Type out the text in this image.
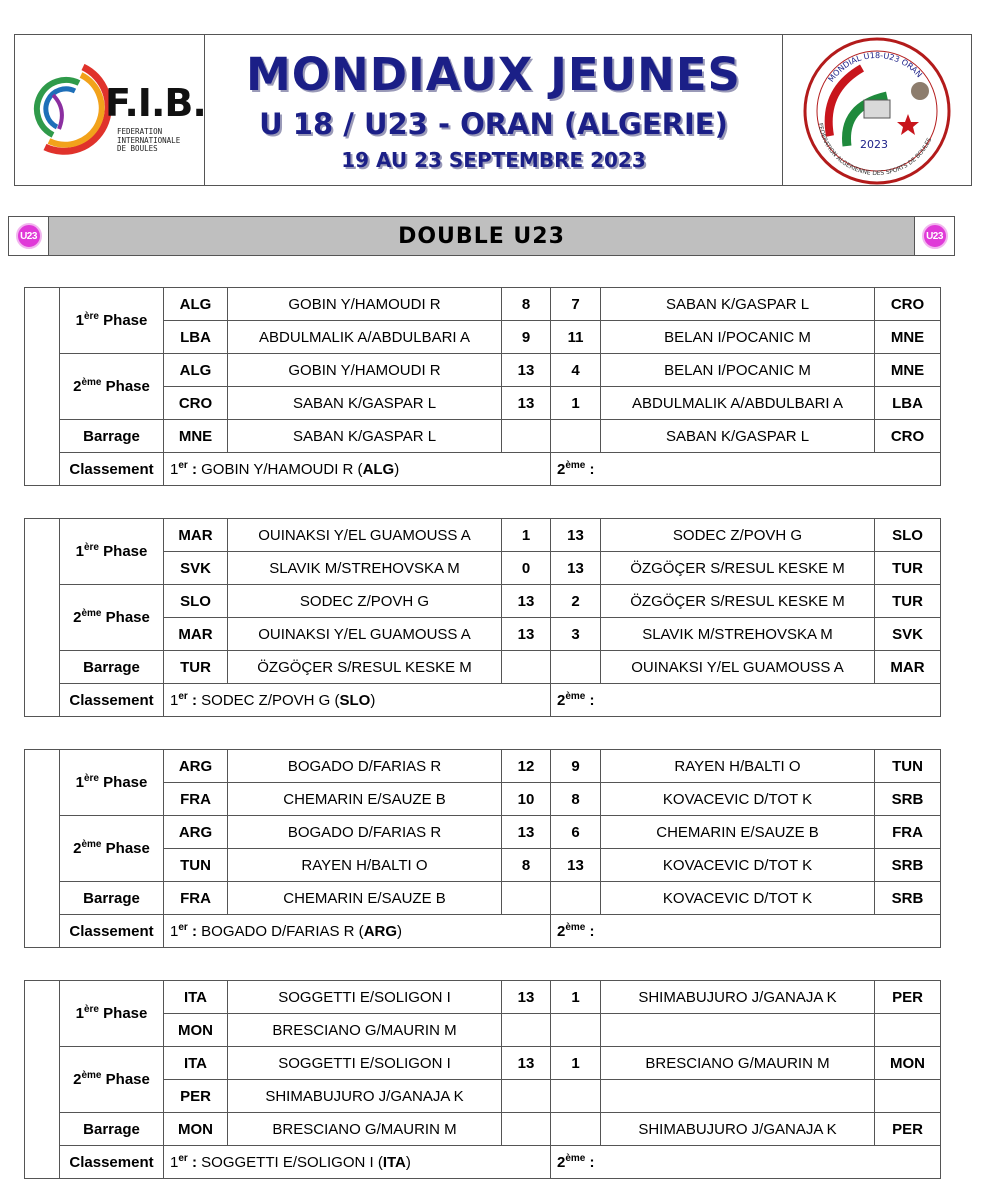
F.I.B.
FEDERATION
INTERNATIONALE
DE BOULES
MONDIAUX JEUNES
U 18 / U23 - ORAN (ALGERIE)
19 AU 23 SEPTEMBRE 2023
2023
MONDIAL U18-U23 ORAN
FEDERATION ALGERIENNE DES SPORTS DE BOULES
U23	DOUBLE U23	U23
	1ère Phase	ALG	GOBIN Y/HAMOUDI R	8	7	SABAN K/GASPAR L	CRO
		LBA	ABDULMALIK A/ABDULBARI A	9	11	BELAN I/POCANIC M	MNE
	2ème Phase	ALG	GOBIN Y/HAMOUDI R	13	4	BELAN I/POCANIC M	MNE
		CRO	SABAN K/GASPAR L	13	1	ABDULMALIK A/ABDULBARI A	LBA
	Barrage	MNE	SABAN K/GASPAR L			SABAN K/GASPAR L	CRO
	Classement	1er : GOBIN Y/HAMOUDI R (ALG)			2ème :		
	1ère Phase	MAR	OUINAKSI Y/EL GUAMOUSS A	1	13	SODEC Z/POVH G	SLO
		SVK	SLAVIK M/STREHOVSKA M	0	13	ÖZGÖÇER S/RESUL KESKE M	TUR
	2ème Phase	SLO	SODEC Z/POVH G	13	2	ÖZGÖÇER S/RESUL KESKE M	TUR
		MAR	OUINAKSI Y/EL GUAMOUSS A	13	3	SLAVIK M/STREHOVSKA M	SVK
	Barrage	TUR	ÖZGÖÇER S/RESUL KESKE M			OUINAKSI Y/EL GUAMOUSS A	MAR
	Classement	1er : SODEC Z/POVH G (SLO)			2ème :		
	1ère Phase	ARG	BOGADO D/FARIAS R	12	9	RAYEN H/BALTI O	TUN
		FRA	CHEMARIN E/SAUZE B	10	8	KOVACEVIC D/TOT K	SRB
	2ème Phase	ARG	BOGADO D/FARIAS R	13	6	CHEMARIN E/SAUZE B	FRA
		TUN	RAYEN H/BALTI O	8	13	KOVACEVIC D/TOT K	SRB
	Barrage	FRA	CHEMARIN E/SAUZE B			KOVACEVIC D/TOT K	SRB
	Classement	1er : BOGADO D/FARIAS R (ARG)			2ème :		
	1ère Phase	ITA	SOGGETTI E/SOLIGON I	13	1	SHIMABUJURO J/GANAJA K	PER
		MON	BRESCIANO G/MAURIN M				
	2ème Phase	ITA	SOGGETTI E/SOLIGON I	13	1	BRESCIANO G/MAURIN M	MON
		PER	SHIMABUJURO J/GANAJA K				
	Barrage	MON	BRESCIANO G/MAURIN M			SHIMABUJURO J/GANAJA K	PER
	Classement	1er : SOGGETTI E/SOLIGON I (ITA)			2ème :		
